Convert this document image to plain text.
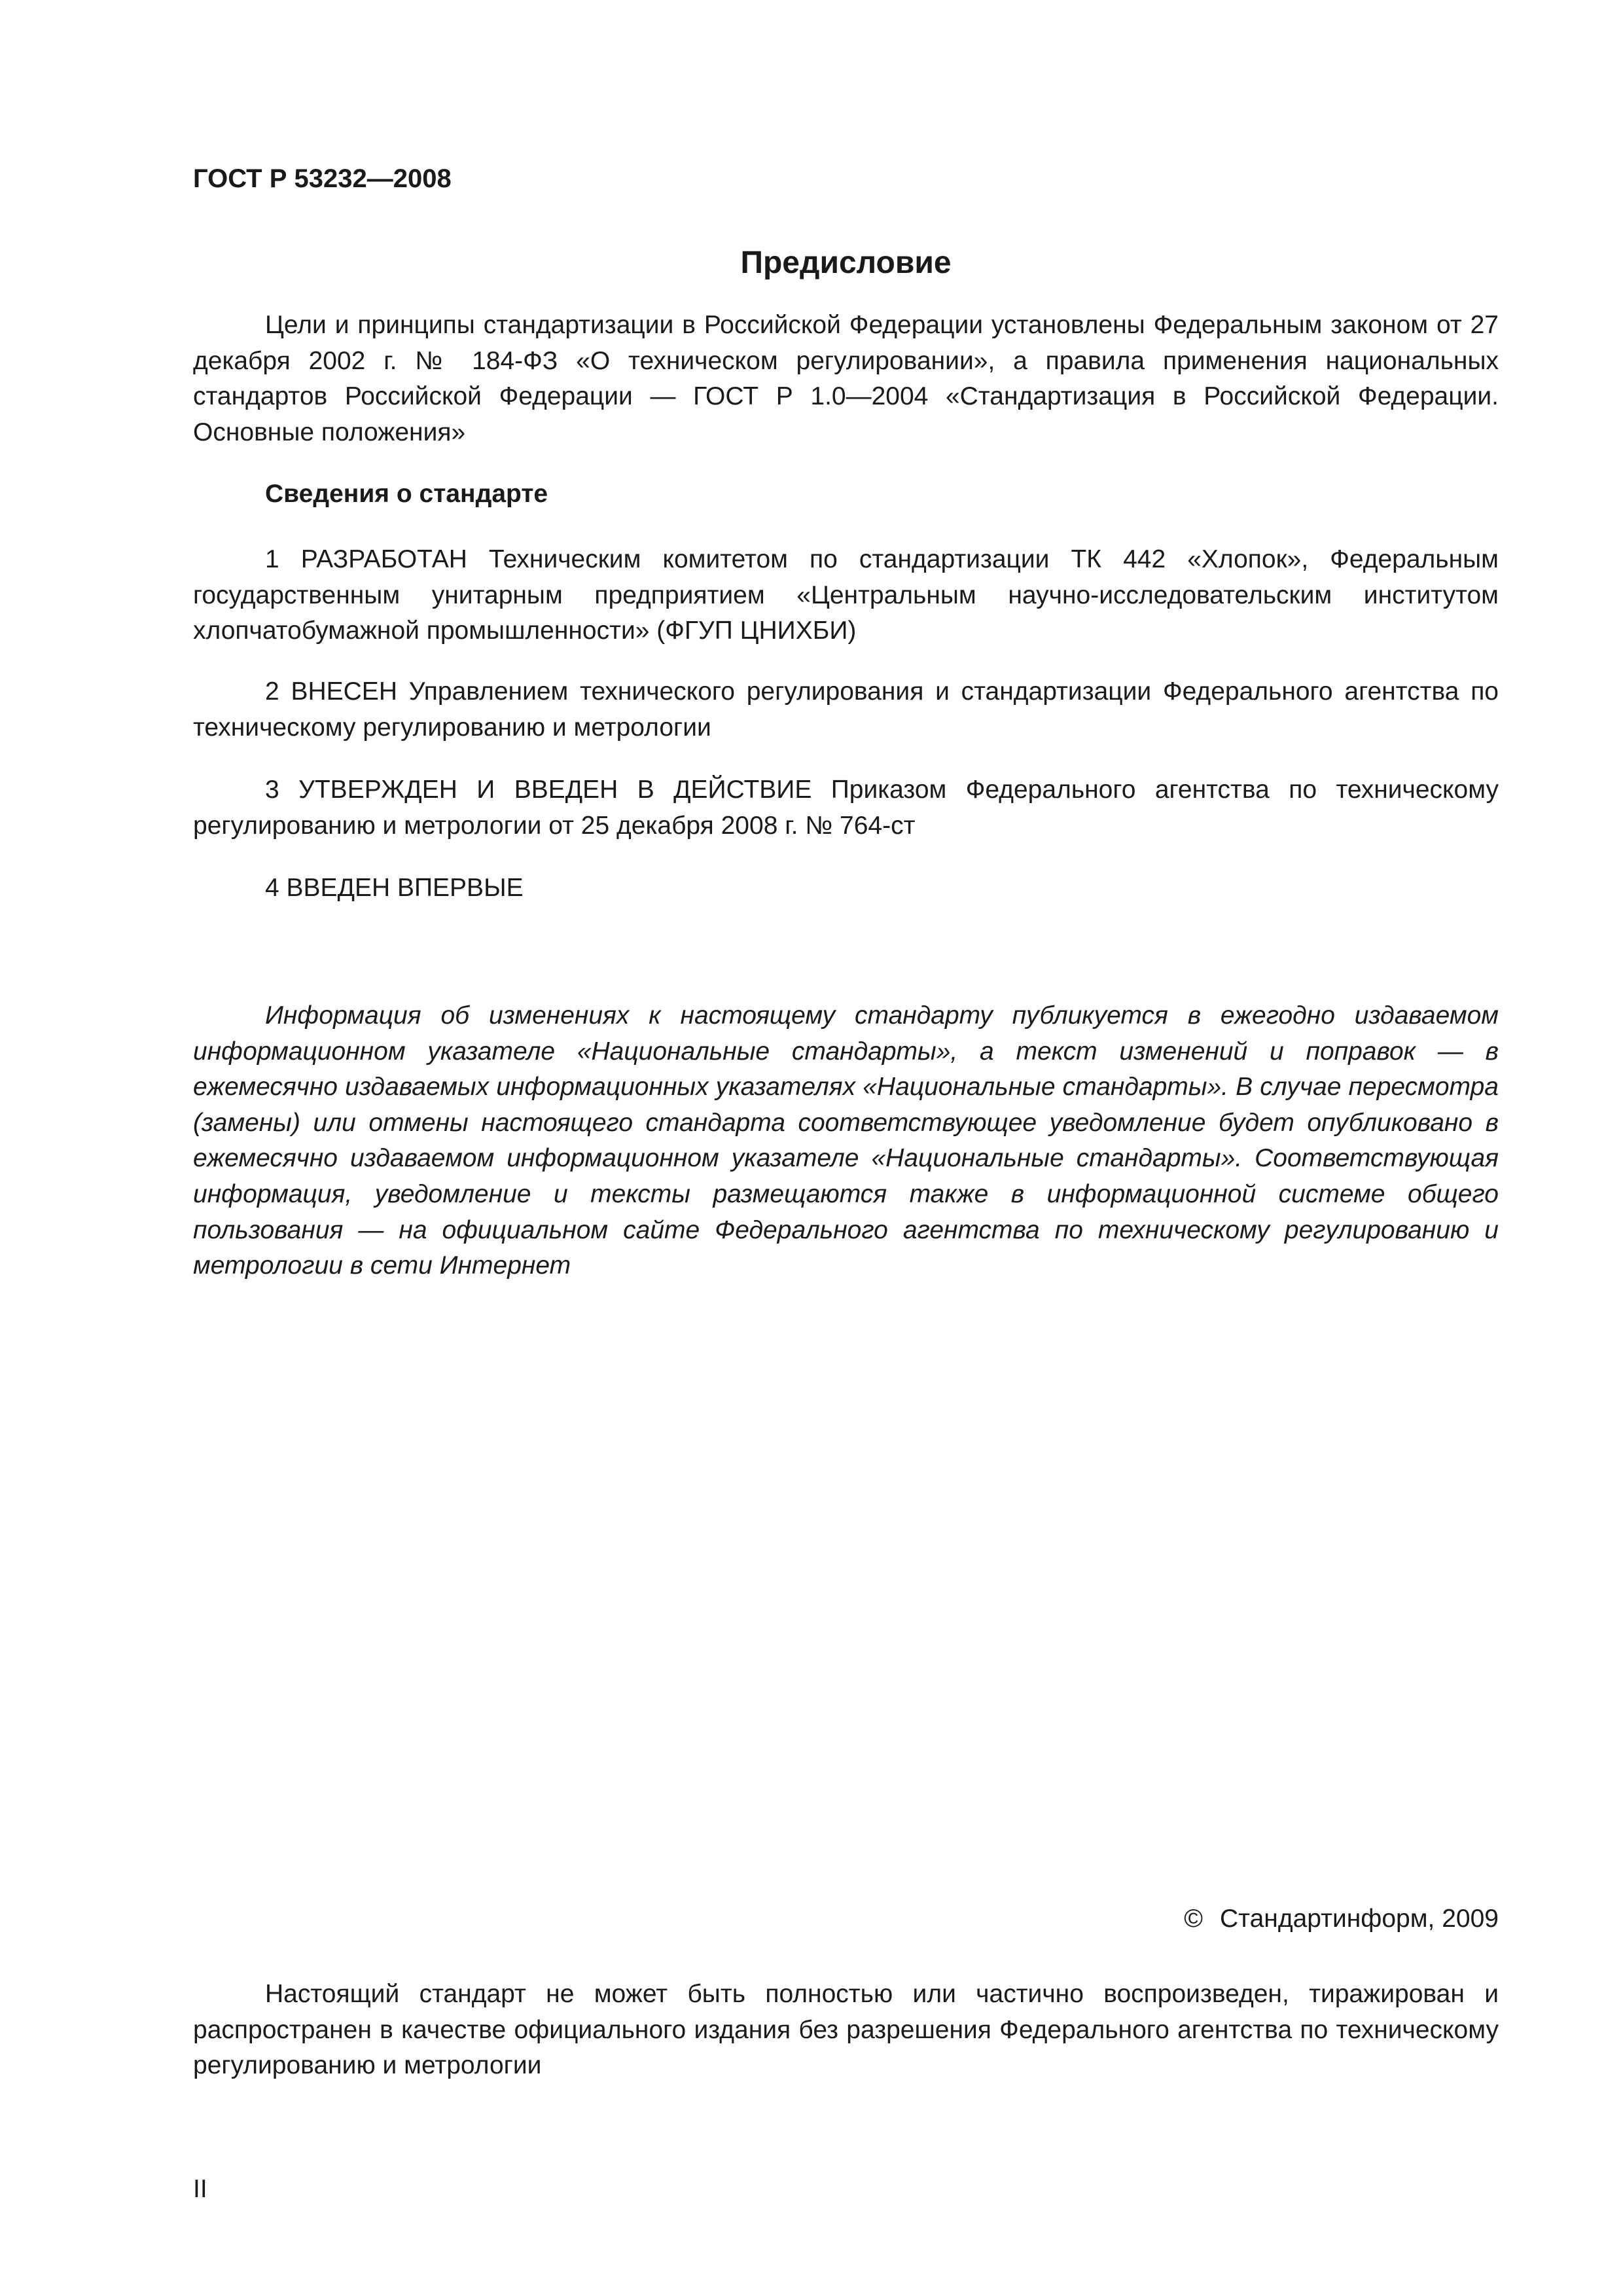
ГОСТ Р 53232—2008
Предисловие

Цели и принципы стандартизации в Российской Федерации установлены Федеральным законом от 27 декабря 2002 г. № 184-ФЗ «О техническом регулировании», а правила применения национальных стандартов Российской Федерации — ГОСТ Р 1.0—2004 «Стандартизация в Российской Федерации. Основные положения»

Сведения о стандарте

1 РАЗРАБОТАН Техническим комитетом по стандартизации ТК 442 «Хлопок», Федеральным государственным унитарным предприятием «Центральным научно-исследовательским институтом хлопчатобумажной промышленности» (ФГУП ЦНИХБИ)

2 ВНЕСЕН Управлением технического регулирования и стандартизации Федерального агентства по техническому регулированию и метрологии

3 УТВЕРЖДЕН И ВВЕДЕН В ДЕЙСТВИЕ Приказом Федерального агентства по техническому регулированию и метрологии от 25 декабря 2008 г. № 764-ст

4 ВВЕДЕН ВПЕРВЫЕ

Информация об изменениях к настоящему стандарту публикуется в ежегодно издаваемом информационном указателе «Национальные стандарты», а текст изменений и поправок — в ежемесячно издаваемых информационных указателях «Национальные стандарты». В случае пересмотра (замены) или отмены настоящего стандарта соответствующее уведомление будет опубликовано в ежемесячно издаваемом информационном указателе «Национальные стандарты». Соответствующая информация, уведомление и тексты размещаются также в информационной системе общего пользования — на официальном сайте Федерального агентства по техническому регулированию и метрологии в сети Интернет

© Стандартинформ, 2009

Настоящий стандарт не может быть полностью или частично воспроизведен, тиражирован и распространен в качестве официального издания без разрешения Федерального агентства по техническому регулированию и метрологии

II
